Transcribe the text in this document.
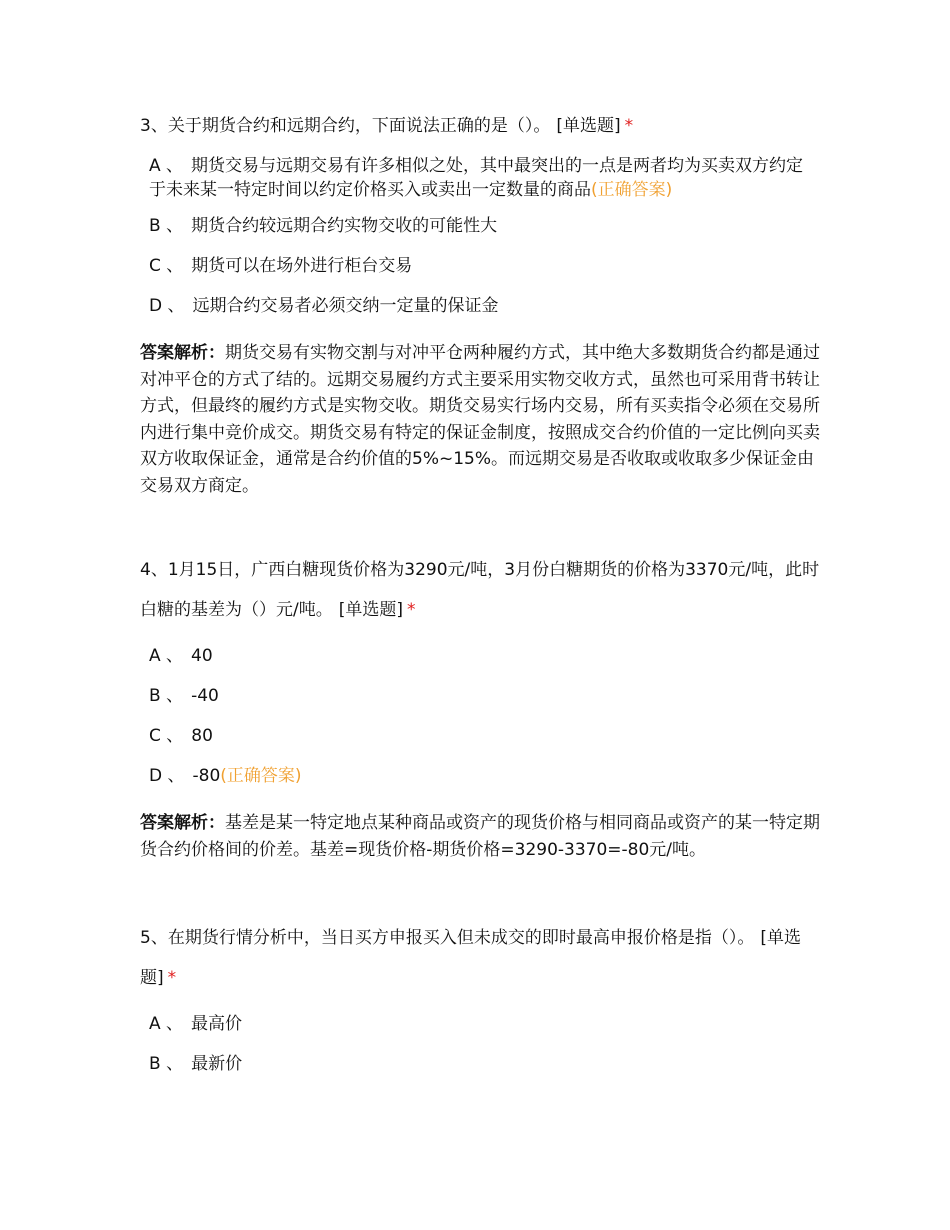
3、关于期货合约和远期合约，下面说法正确的是（）。 [单选题] *

A 、 期货交易与远期交易有许多相似之处，其中最突出的一点是两者均为买卖双方约定于未来某一特定时间以约定价格买入或卖出一定数量的商品(正确答案)
B 、 期货合约较远期合约实物交收的可能性大
C 、 期货可以在场外进行柜台交易
D 、 远期合约交易者必须交纳一定量的保证金
答案解析：期货交易有实物交割与对冲平仓两种履约方式，其中绝大多数期货合约都是通过对冲平仓的方式了结的。远期交易履约方式主要采用实物交收方式，虽然也可采用背书转让方式，但最终的履约方式是实物交收。期货交易实行场内交易，所有买卖指令必须在交易所内进行集中竞价成交。期货交易有特定的保证金制度，按照成交合约价值的一定比例向买卖双方收取保证金，通常是合约价值的5%~15%。而远期交易是否收取或收取多少保证金由交易双方商定。

4、1月15日，广西白糖现货价格为3290元/吨，3月份白糖期货的价格为3370元/吨，此时白糖的基差为（）元/吨。 [单选题] *

A 、 40
B 、 -40
C 、 80
D 、 -80(正确答案)
答案解析：基差是某一特定地点某种商品或资产的现货价格与相同商品或资产的某一特定期货合约价格间的价差。基差=现货价格-期货价格=3290-3370=-80元/吨。

5、在期货行情分析中，当日买方申报买入但未成交的即时最高申报价格是指（）。 [单选题] *

A 、 最高价
B 、 最新价
